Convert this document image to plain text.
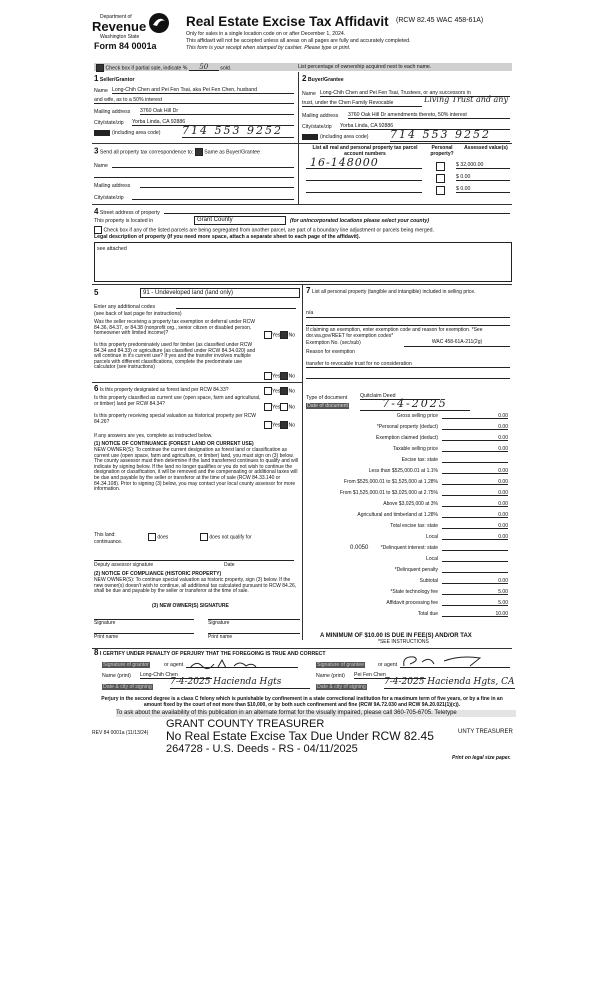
Department of
Revenue
Washington State
Form 84 0001a
Real Estate Excise Tax Affidavit (RCW 82.45 WAC 458-61A)
Only for sales in a single location code on or after December 1, 2024.
This affidavit will not be accepted unless all areas on all pages are fully and accurately completed.
This form is your receipt when stamped by cashier. Please type or print.
Check box if partial sale, indicate % 50 sold.	List percentage of ownership acquired next to each name.
1 Seller/Grantor
Name Long-Chih Chen and Pei Fen Tsai, aka Pei Fen Chen, husband
and wife, as to a 50% interest
Mailing address 3760 Oak Hill Dr
City/state/zip Yorba Linda, CA 92886
(including area code) 714 553 9252
2 Buyer/Grantee
Name Long-Chih Chen and Pei Fen Tsai, Trustees, or any successors in
trust, under the Chen Family Revocable	Living Trust and any
Mailing address 3760 Oak Hill Dr amendments thereto, 50% interest
City/state/zip Yorba Linda, CA 92886
(including area code) 714 553 9252
3 Send all property tax correspondence to: Same as Buyer/Grantee
Name
Mailing address
City/state/zip
List all real and personal property tax parcel account numbers
Personal property?
Assessed value(s)
16-148000	$ 32,000.00
$ 0.00
$ 0.00
4 Street address of property
This property is located in	Grant County	(for unincorporated locations please select your county)
Check box if any of the listed parcels are being segregated from another parcel, are part of a boundary line adjustment or parcels being merged.
Legal description of property (if you need more space, attach a separate sheet to each page of the affidavit).
see attached
5	91 - Undeveloped land (land only)
Enter any additional codes
(see back of last page for instructions)
Was the seller receiving a property tax exemption or deferral under RCW 84.36, 84.37, or 84.38 (nonprofit org., senior citizen or disabled person, homeowner with limited income)?	Yes No
Is this property predominately used for timber (as classified under RCW 84.34 and 84.33) or agriculture (as classified under RCW 84.34.020) and will continue in it's current use? If yes and the transfer involves multiple parcels with different classifications, complete the predominate use calculator (see instructions)
Yes No
6 Is this property designated as forest land per RCW 84.33?	Yes No
Is this property classified as current use (open space, farm and agricultural, or timber) land per RCW 84.34?
Yes No
Is this property receiving special valuation as historical property per RCW 84.26?
Yes No
If any answers are yes, complete as instructed below.
(1) NOTICE OF CONTINUANCE (FOREST LAND OR CURRENT USE)
NEW OWNER(S): To continue the current designation as forest land or classification as current use (open space, farm and agriculture, or timber) land, you must sign on (3) below. The county assessor must then determine if the land transferred continues to qualify and will indicate by signing below. If the land no longer qualifies or you do not wish to continue the designation or classification, it will be removed and the compensating or additional taxes will be due and payable by the seller or transferor at the time of sale (RCW 84.33.140 or 84.34.108). Prior to signing (3) below, you may contact your local county assessor for more information.
This land:	does	does not qualify for
continuance.
Deputy assessor signature	Date
(2) NOTICE OF COMPLIANCE (HISTORIC PROPERTY)
NEW OWNER(S): To continue special valuation as historic property, sign (3) below. If the new owner(s) doesn't wish to continue, all additional tax calculated pursuant to RCW 84.26, shall be due and payable by the seller or transferor at the time of sale.
(3) NEW OWNER(S) SIGNATURE
Signature	Signature
Print name	Print name
7 List all personal property (tangible and intangible) included in selling price.
n/a
If claiming an exemption, enter exemption code and reason for exemption. *See dor.wa.gov/REET for exemption codes*
Exemption No. (sec/sub)	WAC 458-61A-211(2g)
Reason for exemption
transfer to revocable trust for no consideration
Type of document Quitclaim Deed
Date of document	7-4-2025
Gross selling price	0.00
*Personal property (deduct)	0.00
Exemption claimed (deduct)	0.00
Taxable selling price	0.00
Excise tax: state
Less than $525,000.01 at 1.1%	0.00
From $525,000.01 to $1,525,000 at 1.28%	0.00
From $1,525,000.01 to $3,025,000 at 2.75%	0.00
Above $3,025,000 at 3%	0.00
Agricultural and timberland at 1.28%	0.00
Total excise tax: state	0.00
Local	0.00
*Delinquent interest: state
Local
*Delinquent penalty
Subtotal	0.00
*State technology fee	5.00
Affidavit processing fee	5.00
Total due	10.00
0.0050
A MINIMUM OF $10.00 IS DUE IN FEE(S) AND/OR TAX
*SEE INSTRUCTIONS
8 I CERTIFY UNDER PENALTY OF PERJURY THAT THE FOREGOING IS TRUE AND CORRECT
Signature of grantor	or agent
Name (print) Long-Chih Chen
Date & city of signing 7-4-2025 Hacienda Hgts
Signature of grantee	or agent
Name (print) Pei Fen Chen
Date & city of signing 7-4-2025 Hacienda Hgts, CA
Perjury in the second degree is a class C felony which is punishable by confinement in a state correctional institution for a maximum term of five years, or by a fine in an amount fixed by the court of not more than $10,000, or by both such confinement and fine (RCW 9A.72.030 and RCW 9A.20.021(1)(c)).
To ask about the availability of this publication in an alternate format for the visually impaired, please call 360-705-6705. Teletype
REV 84 0001a (11/13/24)
GRANT COUNTY TREASURER
UNTY TREASURER
No Real Estate Excise Tax Due Under RCW 82.45
264728 - U.S. Deeds - RS - 04/11/2025
Print on legal size paper.
